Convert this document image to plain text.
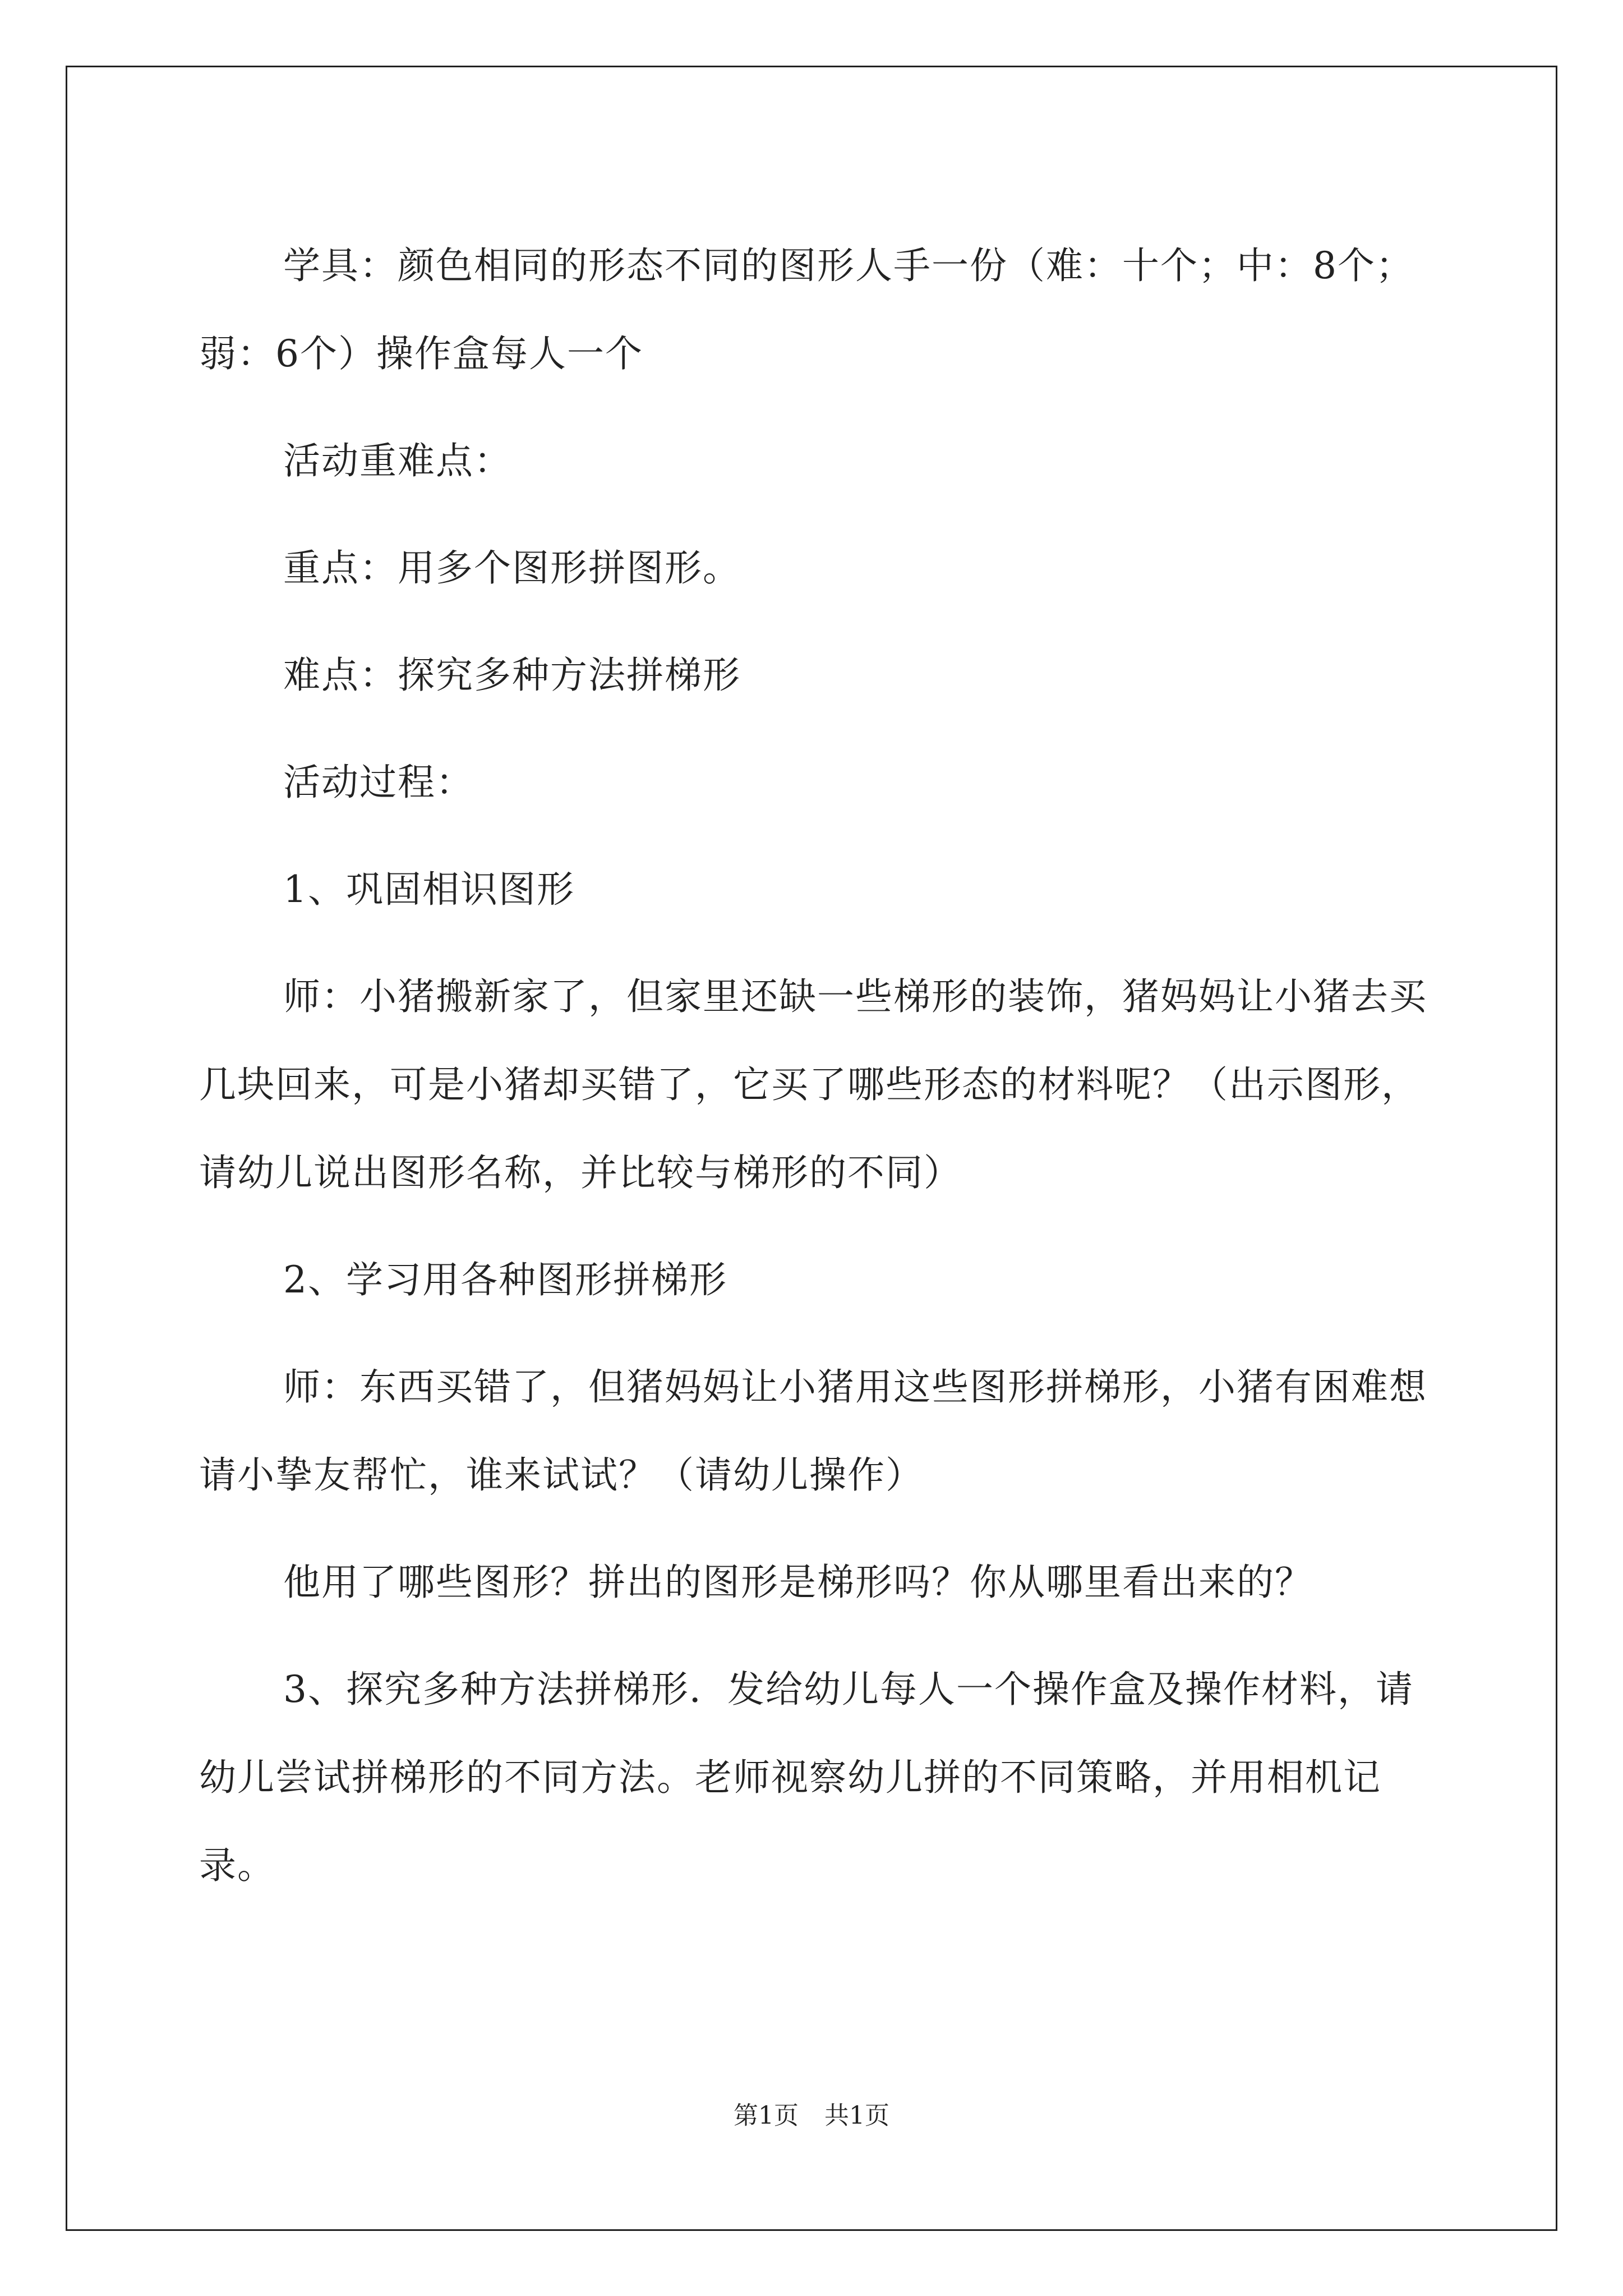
学具：颜色相同的形态不同的图形人手一份（难：十个；中：8个；弱：6个）操作盒每人一个

活动重难点：

重点：用多个图形拼图形。

难点：探究多种方法拼梯形

活动过程：

1、巩固相识图形

师：小猪搬新家了，但家里还缺一些梯形的装饰，猪妈妈让小猪去买几块回来，可是小猪却买错了，它买了哪些形态的材料呢？（出示图形，请幼儿说出图形名称，并比较与梯形的不同）

2、学习用各种图形拼梯形

师：东西买错了，但猪妈妈让小猪用这些图形拼梯形，小猪有困难想请小挚友帮忙，谁来试试？（请幼儿操作）

他用了哪些图形？拼出的图形是梯形吗？你从哪里看出来的？

3、探究多种方法拼梯形．发给幼儿每人一个操作盒及操作材料，请幼儿尝试拼梯形的不同方法。老师视察幼儿拼的不同策略，并用相机记录。

第1页 共1页
